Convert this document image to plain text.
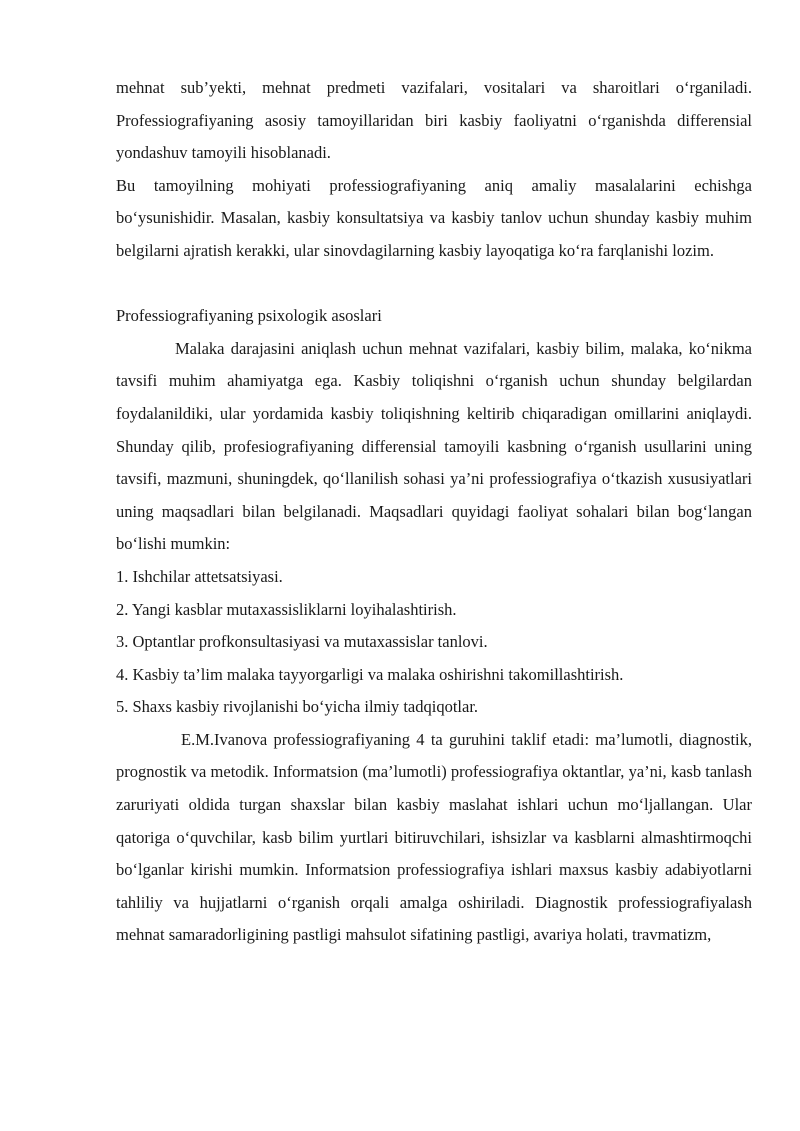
mehnat sub’yekti, mehnat predmeti vazifalari, vositalari va sharoitlari o‘rganiladi. Professiografiyaning asosiy tamoyillaridan biri kasbiy faoliyatni o‘rganishda differensial yondashuv tamoyili hisoblanadi.

Bu tamoyilning mohiyati professiografiyaning aniq amaliy masalalarini echishga bo‘ysunishidir. Masalan, kasbiy konsultatsiya va kasbiy tanlov uchun shunday kasbiy muhim belgilarni ajratish kerakki, ular sinovdagilarning kasbiy layoqatiga ko‘ra farqlanishi lozim.

Professiografiyaning psixologik asoslari

Malaka darajasini aniqlash uchun mehnat vazifalari, kasbiy bilim, malaka, ko‘nikma tavsifi muhim ahamiyatga ega. Kasbiy toliqishni o‘rganish uchun shunday belgilardan foydalanildiki, ular yordamida kasbiy toliqishning keltirib chiqaradigan omillarini aniqlaydi. Shunday qilib, profesiografiyaning differensial tamoyili kasbning o‘rganish usullarini uning tavsifi, mazmuni, shuningdek, qo‘llanilish sohasi ya’ni professiografiya o‘tkazish xususiyatlari uning maqsadlari bilan belgilanadi. Maqsadlari quyidagi faoliyat sohalari bilan bog‘langan bo‘lishi mumkin:

1. Ishchilar attetsatsiyasi.

2. Yangi kasblar mutaxassisliklarni loyihalashtirish.

3. Optantlar profkonsultasiyasi va mutaxassislar tanlovi.

4. Kasbiy ta’lim malaka tayyorgarligi va malaka oshirishni takomillashtirish.

5. Shaxs kasbiy rivojlanishi bo‘yicha ilmiy tadqiqotlar.

E.M.Ivanova professiografiyaning 4 ta guruhini taklif etadi: ma’lumotli, diagnostik, prognostik va metodik. Informatsion (ma’lumotli) professiografiya oktantlar, ya’ni, kasb tanlash zaruriyati oldida turgan shaxslar bilan kasbiy maslahat ishlari uchun mo‘ljallangan. Ular qatoriga o‘quvchilar, kasb bilim yurtlari bitiruvchilari, ishsizlar va kasblarni almashtirmoqchi bo‘lganlar kirishi mumkin. Informatsion professiografiya ishlari maxsus kasbiy adabiyotlarni tahliliy va hujjatlarni o‘rganish orqali amalga oshiriladi. Diagnostik professiografiyalash mehnat samaradorligining pastligi mahsulot sifatining pastligi, avariya holati, travmatizm,
